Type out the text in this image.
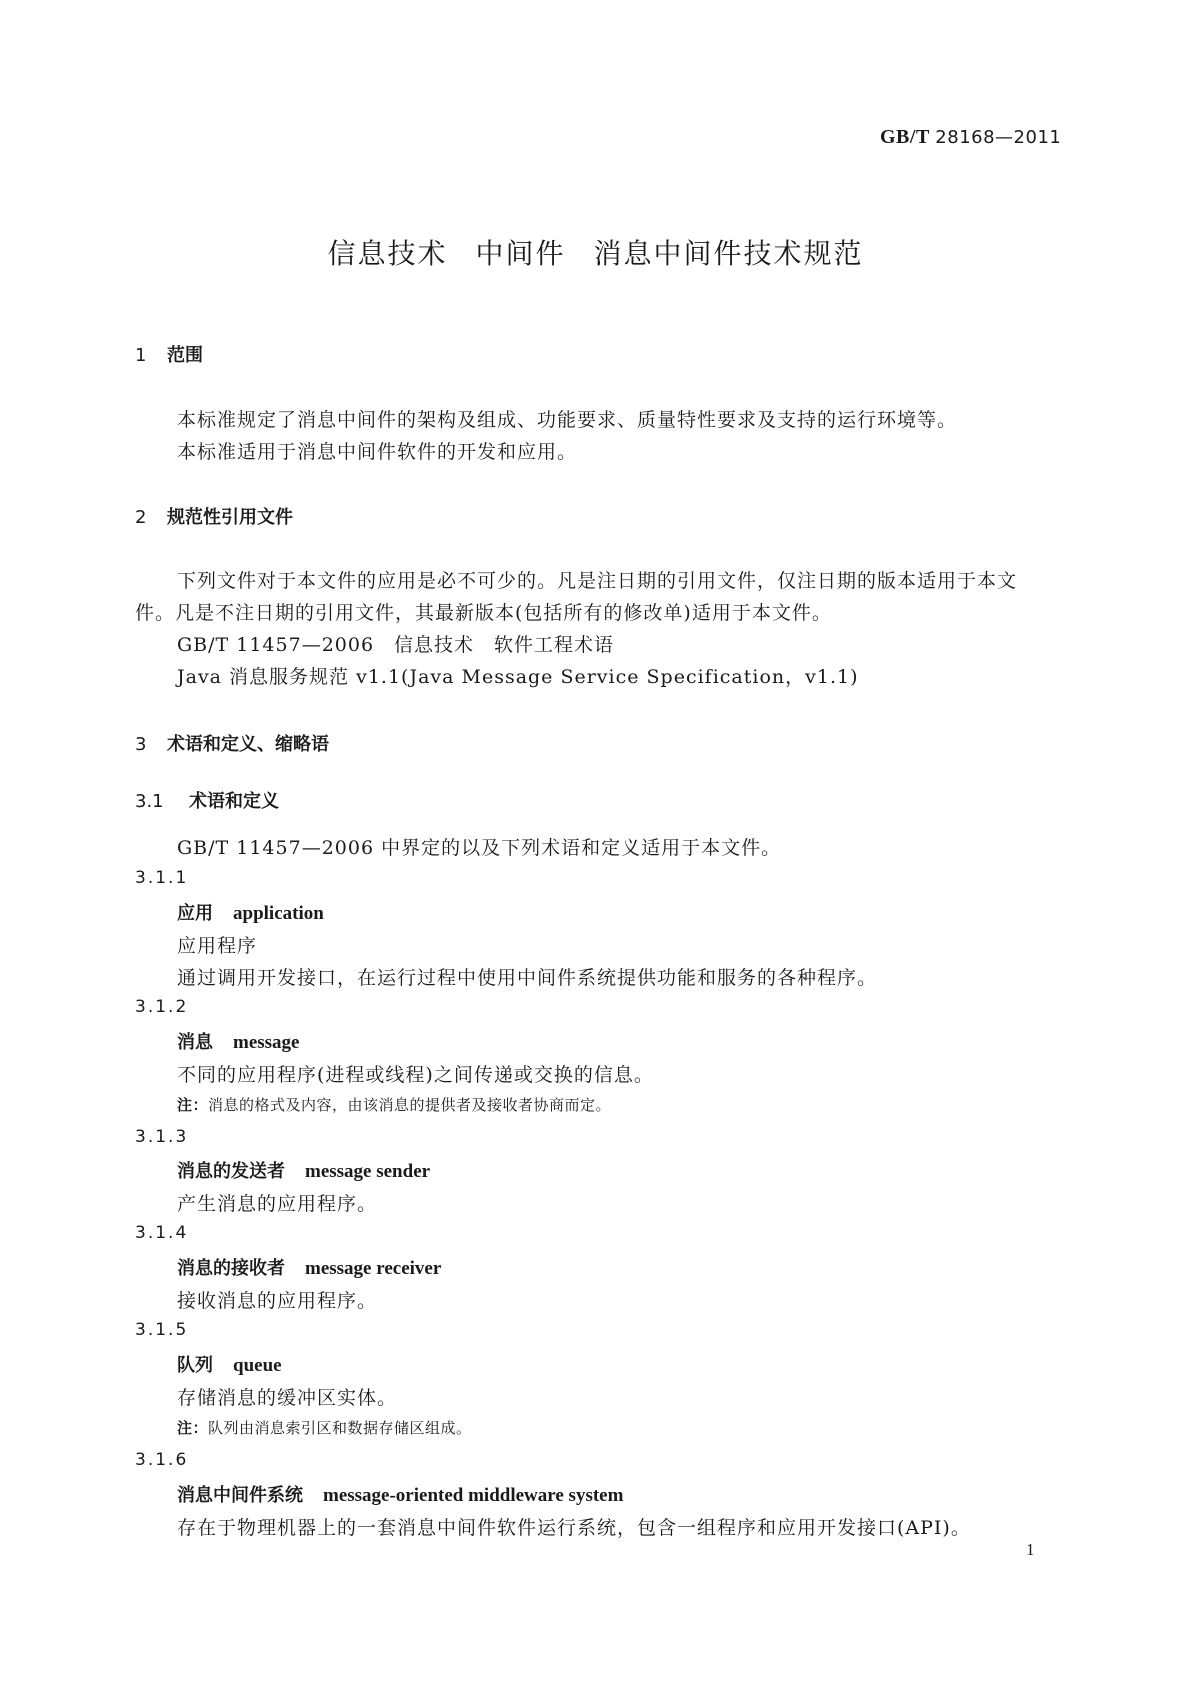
GB/T 28168—2011
信息技术 中间件 消息中间件技术规范
1 范围
本标准规定了消息中间件的架构及组成、功能要求、质量特性要求及支持的运行环境等。
本标准适用于消息中间件软件的开发和应用。
2 规范性引用文件
下列文件对于本文件的应用是必不可少的。凡是注日期的引用文件，仅注日期的版本适用于本文
件。凡是不注日期的引用文件，其最新版本(包括所有的修改单)适用于本文件。
GB/T 11457—2006　信息技术　软件工程术语
Java 消息服务规范 v1.1(Java Message Service Specification，v1.1)
3 术语和定义、缩略语
3.1 术语和定义
GB/T 11457—2006 中界定的以及下列术语和定义适用于本文件。
3.1.1
应用 application
应用程序
通过调用开发接口，在运行过程中使用中间件系统提供功能和服务的各种程序。
3.1.2
消息 message
不同的应用程序(进程或线程)之间传递或交换的信息。
注：消息的格式及内容，由该消息的提供者及接收者协商而定。
3.1.3
消息的发送者 message sender
产生消息的应用程序。
3.1.4
消息的接收者 message receiver
接收消息的应用程序。
3.1.5
队列 queue
存储消息的缓冲区实体。
注：队列由消息索引区和数据存储区组成。
3.1.6
消息中间件系统 message-oriented middleware system
存在于物理机器上的一套消息中间件软件运行系统，包含一组程序和应用开发接口(API)。
1
